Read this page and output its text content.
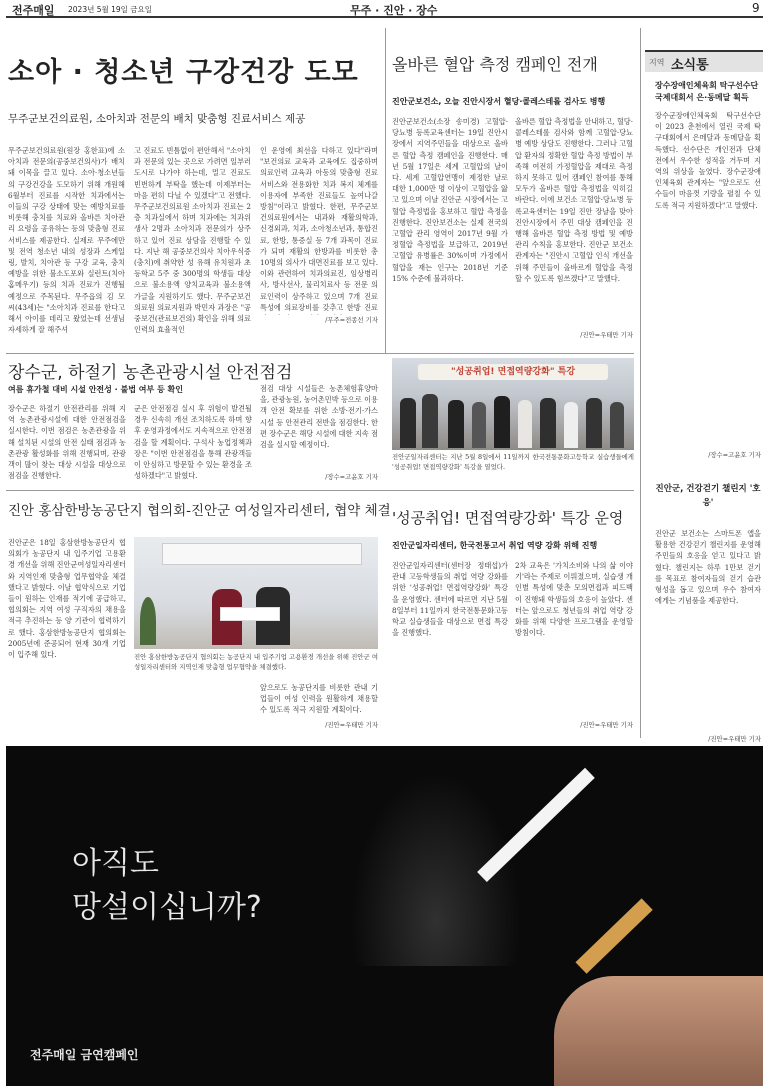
전주매일 2023년 5월 19일 금요일	무주 · 진안 · 장수	9
소아 · 청소년 구강건강 도모
무주군보건의료원, 소아치과 전문의 배치 맞춤형 진료서비스 제공
무주군보건의료원(원장 홍한표)에 소아치과 전문의(공중보건의사)가 배치돼 이목을 끌고 있다. 소아·청소년들의 구강건강을 도모하기 위해 개원해 6월부터 진료를 시작한 치과에서는 이들의 구강 상태에 맞는 예방치료를 비롯해 충치를 치료와 올바른 치아관리 요령을 공유하는 등의 맞춤형 진료서비스를 제공한다. 실제로 무주에만 및 전역 청소년 내의 성장과 스케일링, 발치, 치아관 등 구강 교육, 충치 예방을 위한 불소도포와 실런트(치아 홈메우기) 등의 치과 진료가 진행될 예정으로 주목된다. 무주읍의 김 모 씨(43세)는 "소아치과 진료를 한다고 해서 아이를 데리고 왔었는데 선생님 자세하게 잘 해주셔
고 진료도 빈틈없이 편안해서 "소아치과 전문의 있는 곳으로 가려면 일부러 도시로 나가야 하는데, 멀고 진료도 빈번하게 부탁을 했는데 이제부터는 마음 편히 다닐 수 있겠다"고 전했다. 무주군보건의료원 소아치과 진료는 2층 치과실에서 하며 치과에는 치과위생사 2명과 소아치과 전문의가 상주하고 있어 진료 상담을 진행할 수 있다. 지난 해 공중보건의사 치아우식증(충치)에 취약한 성 유해 유치원과 초등학교 5주 중 300명의 학생들 대상으로 불소용액 양치교육과 불소용액 가글을 지원하기도 했다. 무주군보건의료원 의료지원과 박민자 과장은 "공중보건(관료보건의) 확인을 위해 의료 인력의 효율적인
인 운영에 최선을 다하고 있다"라며 "보건의료 교육과 교육에도 집중하며 의료인력 교육과 아동의 맞춤형 진료 서비스와 전용화한 치과 복지 체계를 이용자에 부족한 진료들도 높여나갈 방침"이라고 밝혔다. 한편, 무주군보건의료원에서는 내과와 재활의학과, 신경외과, 치과, 소아청소년과, 통합진료, 한방, 통증실 등 7개 과목이 진료가 되며 재활의 한방과를 비롯한 총 10명의 의사가 대면진료를 보고 있다. 이와 관련하여 치과의료진, 임상병리사, 방사선사, 물리치료사 등 전문 의료인력이 상주하고 있으며 7개 진료 특성에 의료장비를 갖추고 한방 진료
/무주=전종선 기자
올바른 혈압 측정 캠페인 전개
진안군보건소, 오늘 진안시장서 혈당·콜레스테롤 검사도 병행
진안군보건소(소장 송미경) 고혈압·당뇨병 등록교육센터는 19일 진안시장에서 지역주민들을 대상으로 올바른 혈압 측정 캠페인을 진행한다. 매년 5월 17일은 세계 고혈압의 날이다. 세계 고혈압연맹이 제정한 날로 대한 1,000만 명 이상이 고혈압을 앓고 있으며 이날 진안군 시장에서는 고혈압 측정법을 홍보하고 혈압 측정을 진행한다. 진안보건소는 실제 전국의 고혈압 관리 영역이 2017년 9월 가정혈압 측정법을 보급하고, 2019년 고혈압 유병률은 30%이며 가정에서 혈압을 재는 인구는 2018년 기준 15% 수준에 불과하다.
올바른 혈압 측정법을 안내하고, 혈당·콜레스테롤 검사와 함께 고혈압·당뇨병 예방 상담도 진행한다. 그러나 고혈압 환자의 정확한 혈압 측정 방법이 부족해 여전히 가정혈압을 제대로 측정하지 못하고 있어 캠페인 참여를 통해 모두가 올바른 혈압 측정법을 익히길 바란다. 이에 보건소 고혈압·당뇨병 등록교육센터는 19일 진안 장날을 맞아 진안시장에서 주민 대상 캠페인을 진행해 올바른 혈압 측정 방법 및 예방 관리 수칙을 홍보한다. 진안군 보건소 관계자는 "진안시 고혈압 인식 개선을 위해 주민들이 올바르게 혈압을 측정할 수 있도록 힘쓰겠다"고 말했다.
/진안=우태만 기자
장수군, 하절기 농촌관광시설 안전점검
여름 휴가철 대비 시설 안전성 · 불법 여부 등 확인
장수군은 하절기 안전관리를 위해 지역 농촌관광시설에 대한 안전점검을 실시한다. 이번 점검은 농촌관광을 위해 설치된 시설의 안전 실태 점검과 농촌관광 활성화를 위해 진행되며, 관광객이 많이 찾는 대상 시설을 대상으로 점검을 진행한다.
군은 안전점검 실시 후 위험이 발견될 경우 신속히 개선 조치하도록 하며 향후 운영과정에서도 지속적으로 안전점검을 할 계획이다. 구석사 농업정책과장은 "이번 안전점검을 통해 관광객들이 안심하고 방문할 수 있는 환경을 조성하겠다"고 밝혔다.
점검 대상 시설들은 농촌체험휴양마을, 관광농원, 농어촌민박 등으로 이용객 안전 확보를 위한 소방·전기·가스 시설 등 안전관리 전반을 점검한다. 한편 장수군은 해당 시설에 대한 지속 점검을 실시할 예정이다.
/장수=고윤호 기자
"성공취업! 면접역량강화" 특강
진안군일자리센터는 지난 5월 8일에서 11일까지 한국전통문화고등학교 실습생들에게 '성공취업! 면접역량강화' 특강을 열었다.
진안 홍삼한방농공단지 협의회-진안군 여성일자리센터, 협약 체결
진안군은 18일 홍삼한방농공단지 협의회가 농공단지 내 입주기업 고용환경 개선을 위해 진안군여성일자리센터와 지역인재 맞춤형 업무협약을 체결했다고 밝혔다. 이날 협약식으로 기업들이 원하는 인재를 적기에 공급하고, 협의회는 지역 여성 구직자의 채용을 적극 추진하는 등 양 기관이 협력하기로 했다. 홍삼한방농공단지 협의회는 2005년에 준공되어 현재 30개 기업이 입주해 있다.	진안 홍삼한방농공단지 협의회는 농공단지 내 입주기업 고용환경 개선을 위해 진안군 여성일자리센터와 지역인재 맞춤형 업무협약을 체결했다.
앞으로도 농공단지를 비롯한 관내 기업들이 여성 인력을 원활하게 채용할 수 있도록 적극 지원할 계획이다.
/진안=우태만 기자
'성공취업! 면접역량강화' 특강 운영
진안군일자리센터, 한국전통고서 취업 역량 강화 위해 진행
진안군일자리센터(센터장 정태섭)가 관내 고등학생들의 취업 역량 강화를 위한 '성공취업! 면접역량강화' 특강을 운영했다. 센터에 따르면 지난 5월 8일부터 11일까지 한국전통문화고등학교 실습생들을 대상으로 면접 특강을 진행했다.
2차 교육은 '가치소비와 나의 삶 이야기'라는 주제로 이뤄졌으며, 실습생 개인별 특성에 맞춘 모의면접과 피드백이 진행돼 학생들의 호응이 높았다. 센터는 앞으로도 청년들의 취업 역량 강화를 위해 다양한 프로그램을 운영할 방침이다.
/진안=우태만 기자
지역 소식통
장수장애인체육회 탁구선수단 국제대회서 은·동메달 획득
장수군장애인체육회 탁구선수단이 2023 춘천에서 열린 국제 탁구대회에서 은메달과 동메달을 획득했다. 선수단은 개인전과 단체전에서 우수한 성적을 거두며 지역의 위상을 높였다. 장수군장애인체육회 관계자는 "앞으로도 선수들이 마음껏 기량을 펼칠 수 있도록 적극 지원하겠다"고 말했다.
/장수=고윤호 기자
진안군, 건강걷기 챌린지 '호응'
진안군 보건소는 스마트폰 앱을 활용한 건강걷기 챌린지를 운영해 주민들의 호응을 얻고 있다고 밝혔다. 챌린지는 하루 1만보 걷기를 목표로 참여자들의 걷기 습관 형성을 돕고 있으며 우수 참여자에게는 기념품을 제공한다.
/진안=우태만 기자
아직도
망설이십니까?
전주매일 금연캠페인
